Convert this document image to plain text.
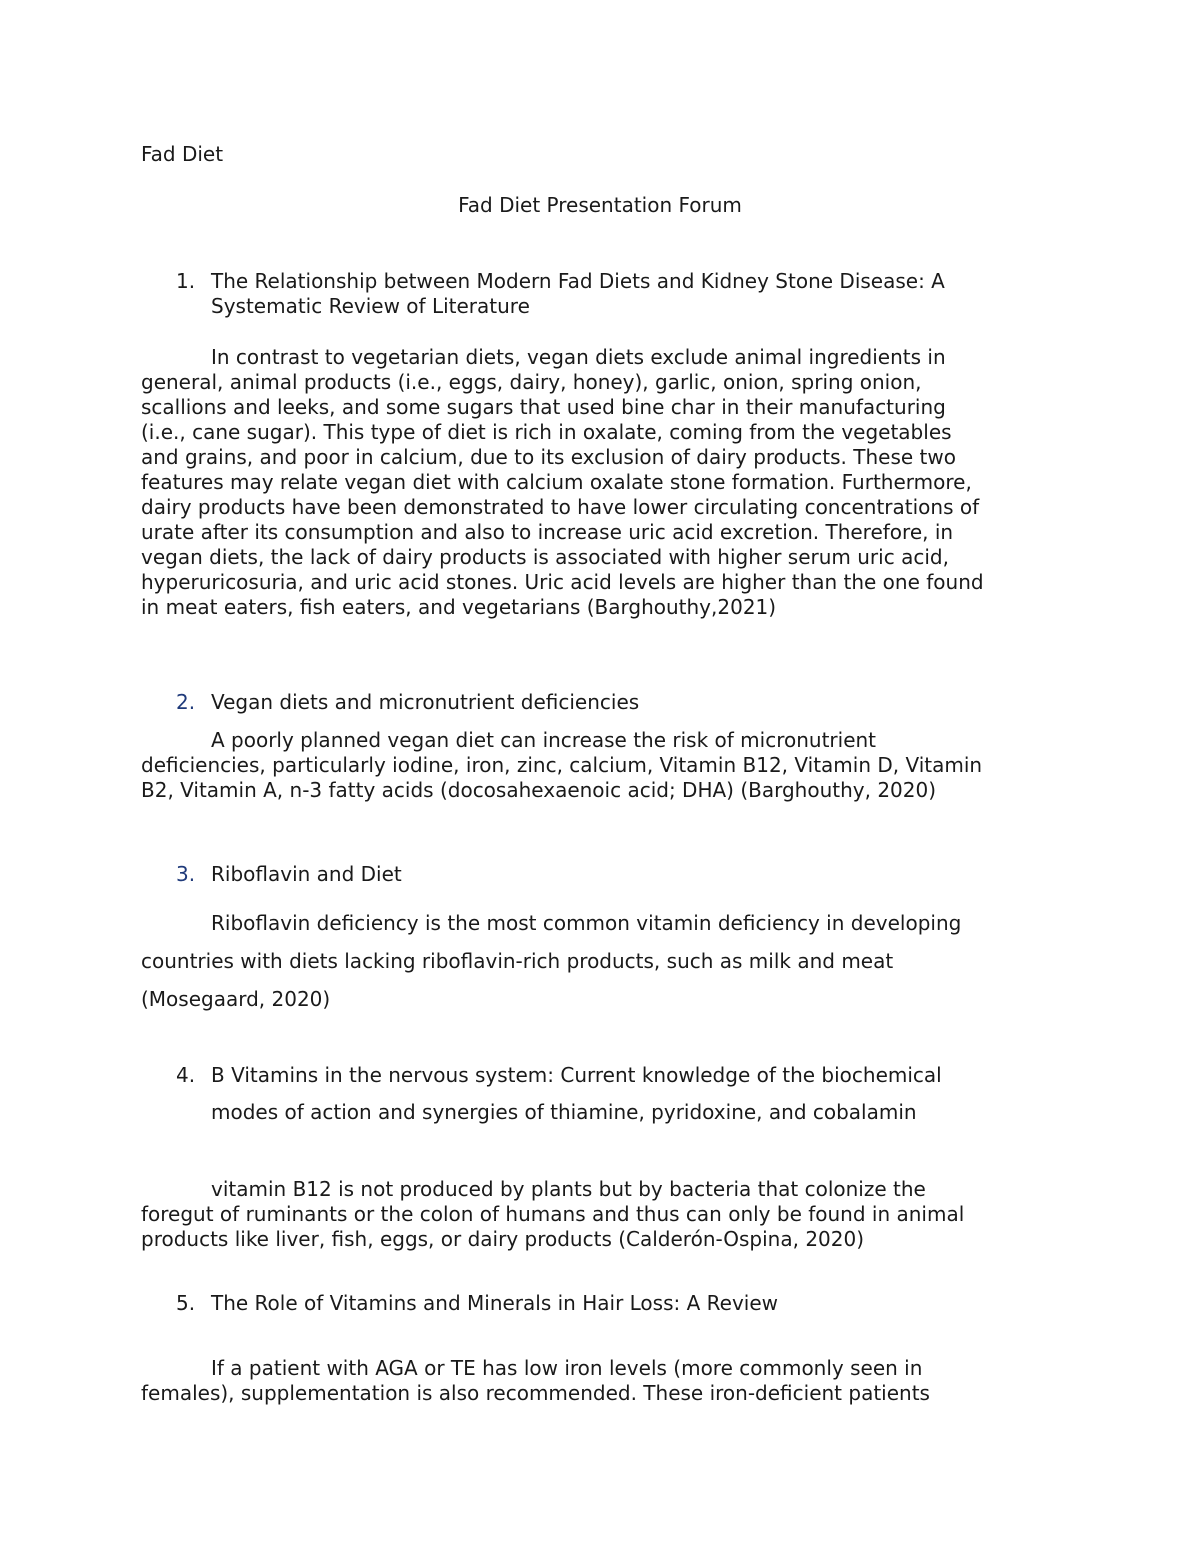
Fad Diet

Fad Diet Presentation Forum

1. The Relationship between Modern Fad Diets and Kidney Stone Disease: A
Systematic Review of Literature
In contrast to vegetarian diets, vegan diets exclude animal ingredients in
general, animal products (i.e., eggs, dairy, honey), garlic, onion, spring onion,
scallions and leeks, and some sugars that used bine char in their manufacturing
(i.e., cane sugar). This type of diet is rich in oxalate, coming from the vegetables
and grains, and poor in calcium, due to its exclusion of dairy products. These two
features may relate vegan diet with calcium oxalate stone formation. Furthermore,
dairy products have been demonstrated to have lower circulating concentrations of
urate after its consumption and also to increase uric acid excretion. Therefore, in
vegan diets, the lack of dairy products is associated with higher serum uric acid,
hyperuricosuria, and uric acid stones. Uric acid levels are higher than the one found
in meat eaters, fish eaters, and vegetarians (Barghouthy,2021)
2. Vegan diets and micronutrient deficiencies
A poorly planned vegan diet can increase the risk of micronutrient
deficiencies, particularly iodine, iron, zinc, calcium, Vitamin B12, Vitamin D, Vitamin
B2, Vitamin A, n-3 fatty acids (docosahexaenoic acid; DHA) (Barghouthy, 2020)
3. Riboflavin and Diet
Riboflavin deficiency is the most common vitamin deficiency in developing
countries with diets lacking riboflavin-rich products, such as milk and meat
(Mosegaard, 2020)
4. B Vitamins in the nervous system: Current knowledge of the biochemical
modes of action and synergies of thiamine, pyridoxine, and cobalamin
vitamin B12 is not produced by plants but by bacteria that colonize the
foregut of ruminants or the colon of humans and thus can only be found in animal
products like liver, fish, eggs, or dairy products (Calderón-Ospina, 2020)
5. The Role of Vitamins and Minerals in Hair Loss: A Review
If a patient with AGA or TE has low iron levels (more commonly seen in
females), supplementation is also recommended. These iron-deficient patients
